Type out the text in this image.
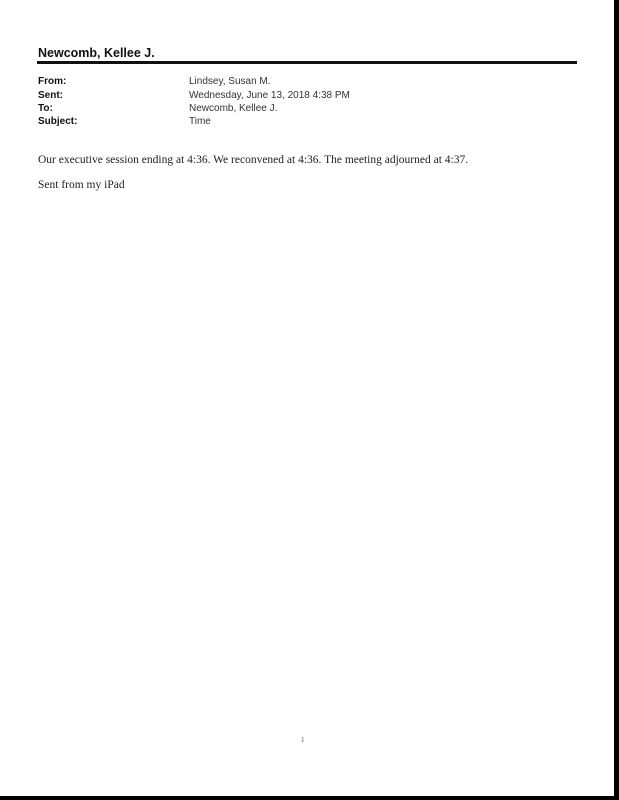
Newcomb, Kellee J.
From:	Lindsey, Susan M.
Sent:	Wednesday, June 13, 2018 4:38 PM
To:	Newcomb, Kellee J.
Subject:	Time
Our executive session ending at 4:36. We reconvened at 4:36. The meeting adjourned at 4:37.
Sent from my iPad
1
